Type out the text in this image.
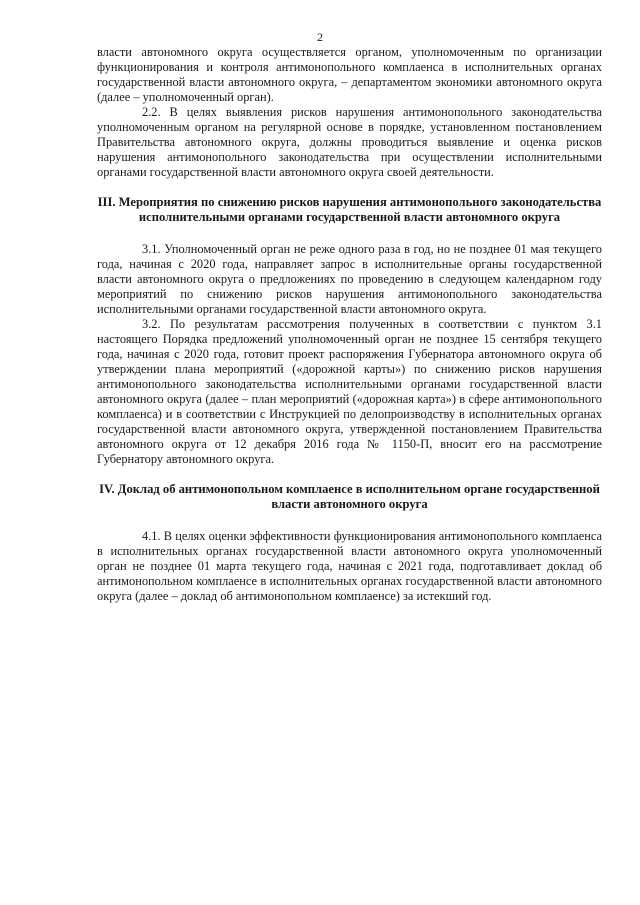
2

власти автономного округа осуществляется органом, уполномоченным по организации функционирования и контроля антимонопольного комплаенса в исполнительных органах государственной власти автономного округа, – департаментом экономики автономного округа (далее – уполномоченный орган).

2.2. В целях выявления рисков нарушения антимонопольного законодательства уполномоченным органом на регулярной основе в порядке, установленном постановлением Правительства автономного округа, должны проводиться выявление и оценка рисков нарушения антимонопольного законодательства при осуществлении исполнительными органами государственной власти автономного округа своей деятельности.

III. Мероприятия по снижению рисков нарушения антимонопольного законодательства исполнительными органами государственной власти автономного округа

3.1. Уполномоченный орган не реже одного раза в год, но не позднее 01 мая текущего года, начиная с 2020 года, направляет запрос в исполнительные органы государственной власти автономного округа о предложениях по проведению в следующем календарном году мероприятий по снижению рисков нарушения антимонопольного законодательства исполнительными органами государственной власти автономного округа.

3.2. По результатам рассмотрения полученных в соответствии с пунктом 3.1 настоящего Порядка предложений уполномоченный орган не позднее 15 сентября текущего года, начиная с 2020 года, готовит проект распоряжения Губернатора автономного округа об утверждении плана мероприятий («дорожной карты») по снижению рисков нарушения антимонопольного законодательства исполнительными органами государственной власти автономного округа (далее – план мероприятий («дорожная карта») в сфере антимонопольного комплаенса) и в соответствии с Инструкцией по делопроизводству в исполнительных органах государственной власти автономного округа, утвержденной постановлением Правительства автономного округа от 12 декабря 2016 года № 1150-П, вносит его на рассмотрение Губернатору автономного округа.

IV. Доклад об антимонопольном комплаенсе в исполнительном органе государственной власти автономного округа

4.1. В целях оценки эффективности функционирования антимонопольного комплаенса в исполнительных органах государственной власти автономного округа уполномоченный орган не позднее 01 марта текущего года, начиная с 2021 года, подготавливает доклад об антимонопольном комплаенсе в исполнительных органах государственной власти автономного округа (далее – доклад об антимонопольном комплаенсе) за истекший год.
